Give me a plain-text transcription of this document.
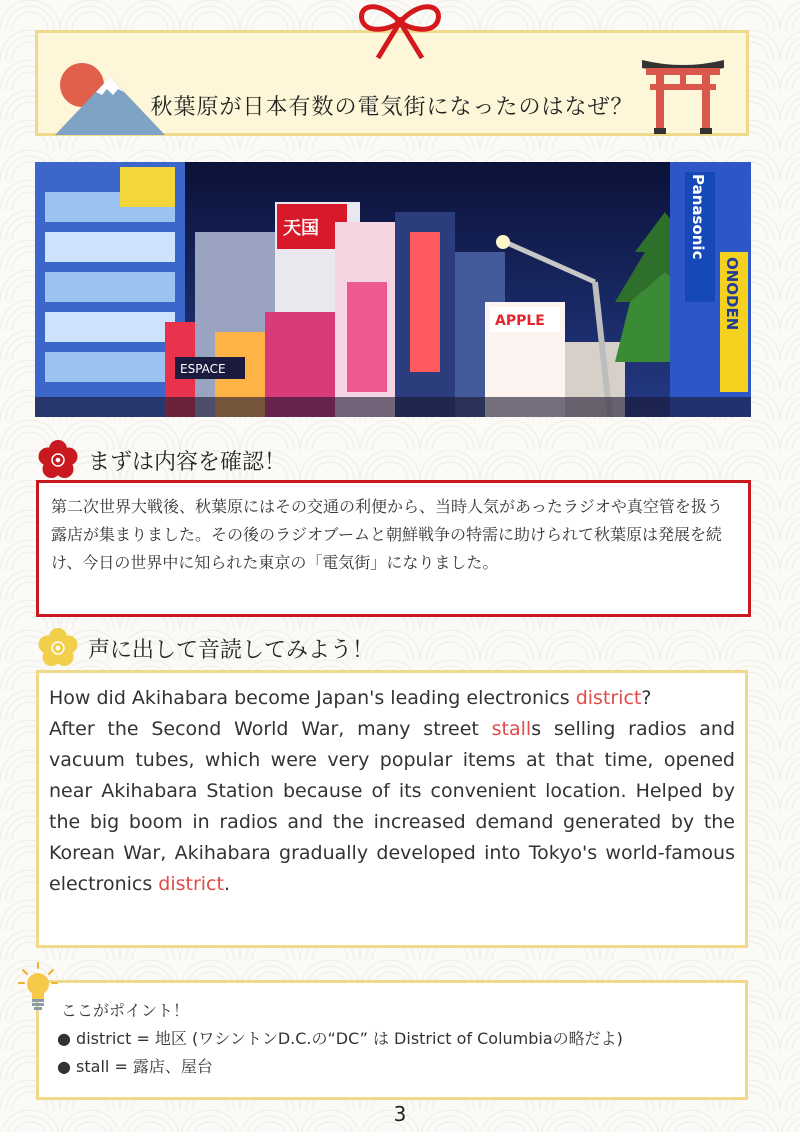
秋葉原が日本有数の電気街になったのはなぜ？
APPLE
Panasonic
ONODEN
天国
ESPACE
まずは内容を確認！
第二次世界大戦後、秋葉原にはその交通の利便から、当時人気があったラジオや真空管を扱う露店が集まりました。その後のラジオブームと朝鮮戦争の特需に助けられて秋葉原は発展を続け、今日の世界中に知られた東京の「電気街」になりました。
声に出して音読してみよう！

How did Akihabara become Japan's leading electronics district?

After the Second World War, many street stalls selling radios and vacuum tubes, which were very popular items at that time, opened near Akihabara Station because of its convenient location. Helped by the big boom in radios and the increased demand generated by the Korean War, Akihabara gradually developed into Tokyo's world-famous electronics district.

ここがポイント！
● district = 地区 (ワシントンD.C.の“DC” は District of Columbiaの略だよ)
● stall = 露店、屋台
3
